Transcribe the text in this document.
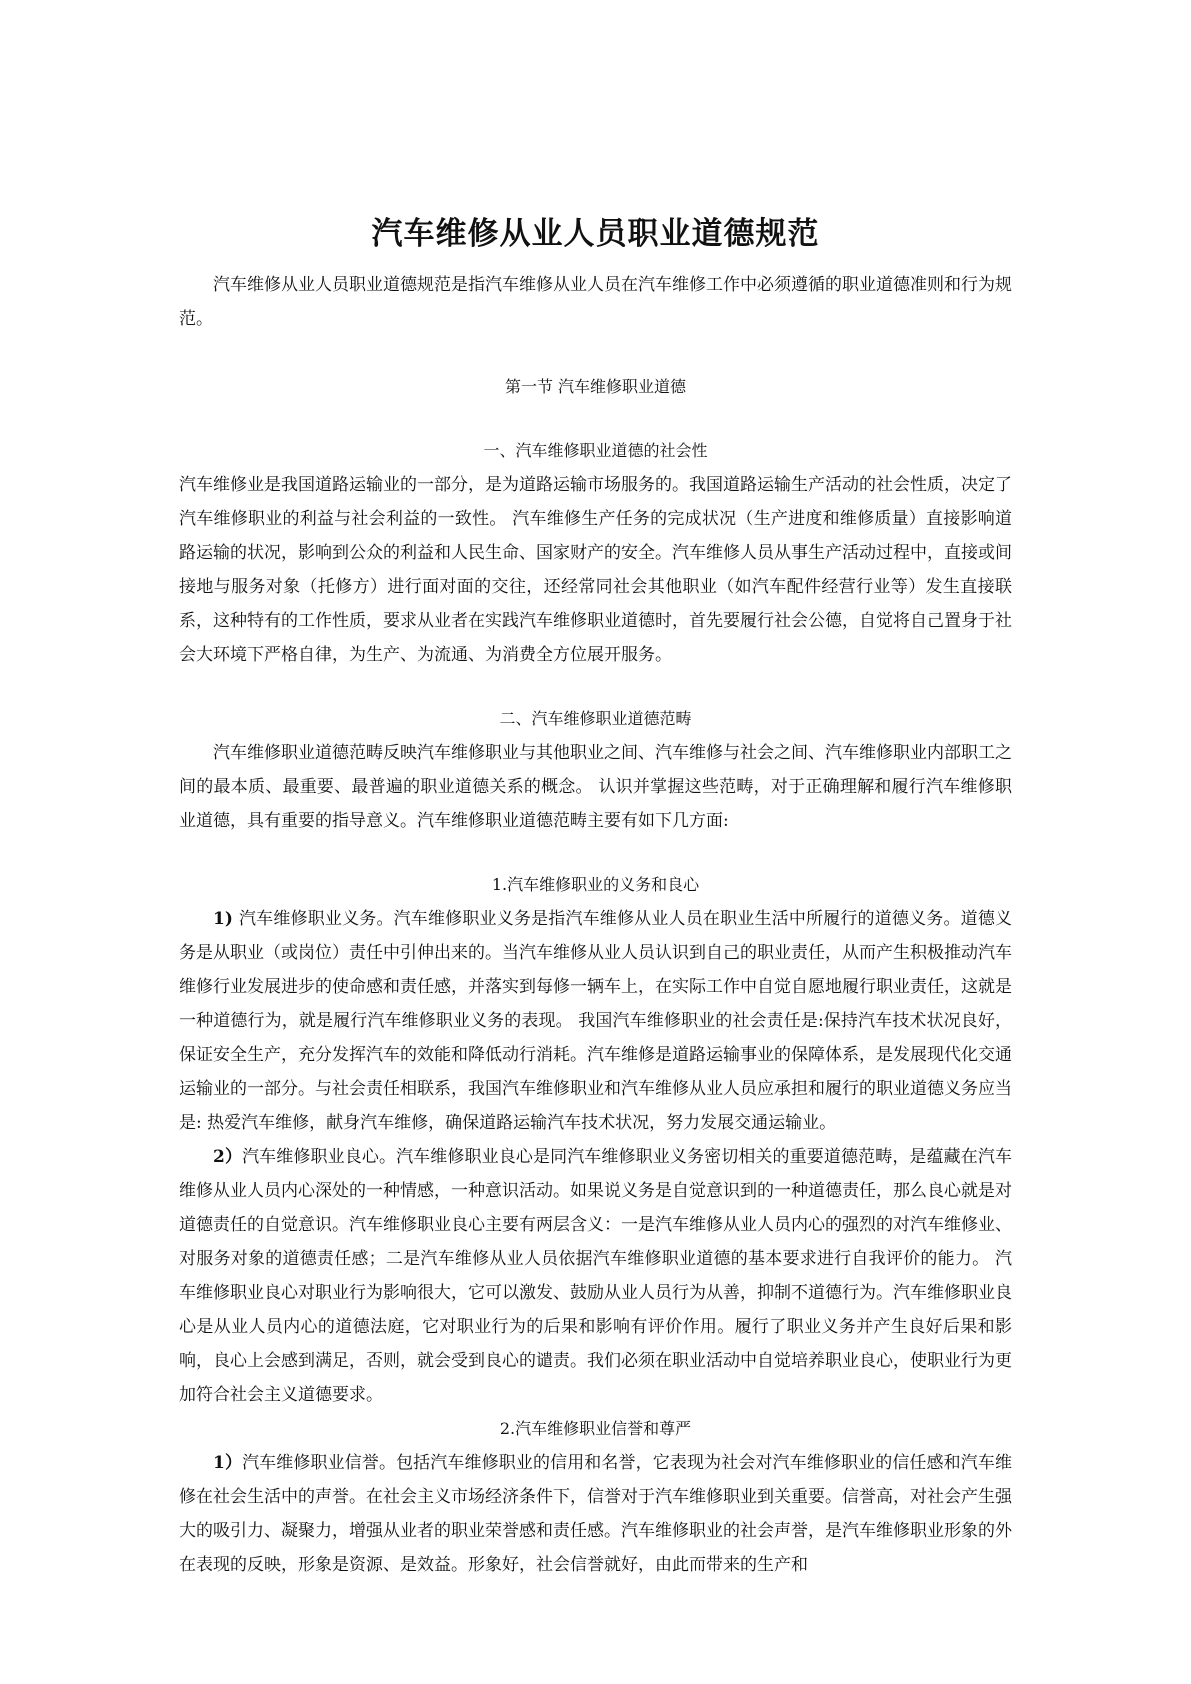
汽车维修从业人员职业道德规范

汽车维修从业人员职业道德规范是指汽车维修从业人员在汽车维修工作中必须遵循的职业道德准则和行为规范。

第一节 汽车维修职业道德

一、汽车维修职业道德的社会性

汽车维修业是我国道路运输业的一部分，是为道路运输市场服务的。我国道路运输生产活动的社会性质，决定了汽车维修职业的利益与社会利益的一致性。 汽车维修生产任务的完成状况（生产进度和维修质量）直接影响道路运输的状况，影响到公众的利益和人民生命、国家财产的安全。汽车维修人员从事生产活动过程中，直接或间接地与服务对象（托修方）进行面对面的交往，还经常同社会其他职业（如汽车配件经营行业等）发生直接联系，这种特有的工作性质，要求从业者在实践汽车维修职业道德时，首先要履行社会公德，自觉将自己置身于社会大环境下严格自律，为生产、为流通、为消费全方位展开服务。

二、汽车维修职业道德范畴

汽车维修职业道德范畴反映汽车维修职业与其他职业之间、汽车维修与社会之间、汽车维修职业内部职工之间的最本质、最重要、最普遍的职业道德关系的概念。 认识并掌握这些范畴，对于正确理解和履行汽车维修职业道德，具有重要的指导意义。汽车维修职业道德范畴主要有如下几方面:

1.汽车维修职业的义务和良心

1) 汽车维修职业义务。汽车维修职业义务是指汽车维修从业人员在职业生活中所履行的道德义务。道德义务是从职业（或岗位）责任中引伸出来的。当汽车维修从业人员认识到自己的职业责任，从而产生积极推动汽车维修行业发展进步的使命感和责任感，并落实到每修一辆车上，在实际工作中自觉自愿地履行职业责任，这就是一种道德行为，就是履行汽车维修职业义务的表现。 我国汽车维修职业的社会责任是:保持汽车技术状况良好，保证安全生产，充分发挥汽车的效能和降低动行消耗。汽车维修是道路运输事业的保障体系，是发展现代化交通运输业的一部分。与社会责任相联系，我国汽车维修职业和汽车维修从业人员应承担和履行的职业道德义务应当是: 热爱汽车维修，献身汽车维修，确保道路运输汽车技术状况，努力发展交通运输业。

2）汽车维修职业良心。汽车维修职业良心是同汽车维修职业义务密切相关的重要道德范畴，是蕴藏在汽车维修从业人员内心深处的一种情感，一种意识活动。如果说义务是自觉意识到的一种道德责任，那么良心就是对道德责任的自觉意识。汽车维修职业良心主要有两层含义：一是汽车维修从业人员内心的强烈的对汽车维修业、对服务对象的道德责任感；二是汽车维修从业人员依据汽车维修职业道德的基本要求进行自我评价的能力。 汽车维修职业良心对职业行为影响很大，它可以激发、鼓励从业人员行为从善，抑制不道德行为。汽车维修职业良心是从业人员内心的道德法庭，它对职业行为的后果和影响有评价作用。履行了职业义务并产生良好后果和影响，良心上会感到满足，否则，就会受到良心的谴责。我们必须在职业活动中自觉培养职业良心，使职业行为更加符合社会主义道德要求。

2.汽车维修职业信誉和尊严

1）汽车维修职业信誉。包括汽车维修职业的信用和名誉，它表现为社会对汽车维修职业的信任感和汽车维修在社会生活中的声誉。在社会主义市场经济条件下，信誉对于汽车维修职业到关重要。信誉高，对社会产生强大的吸引力、凝聚力，增强从业者的职业荣誉感和责任感。汽车维修职业的社会声誉，是汽车维修职业形象的外在表现的反映，形象是资源、是效益。形象好，社会信誉就好，由此而带来的生产和
